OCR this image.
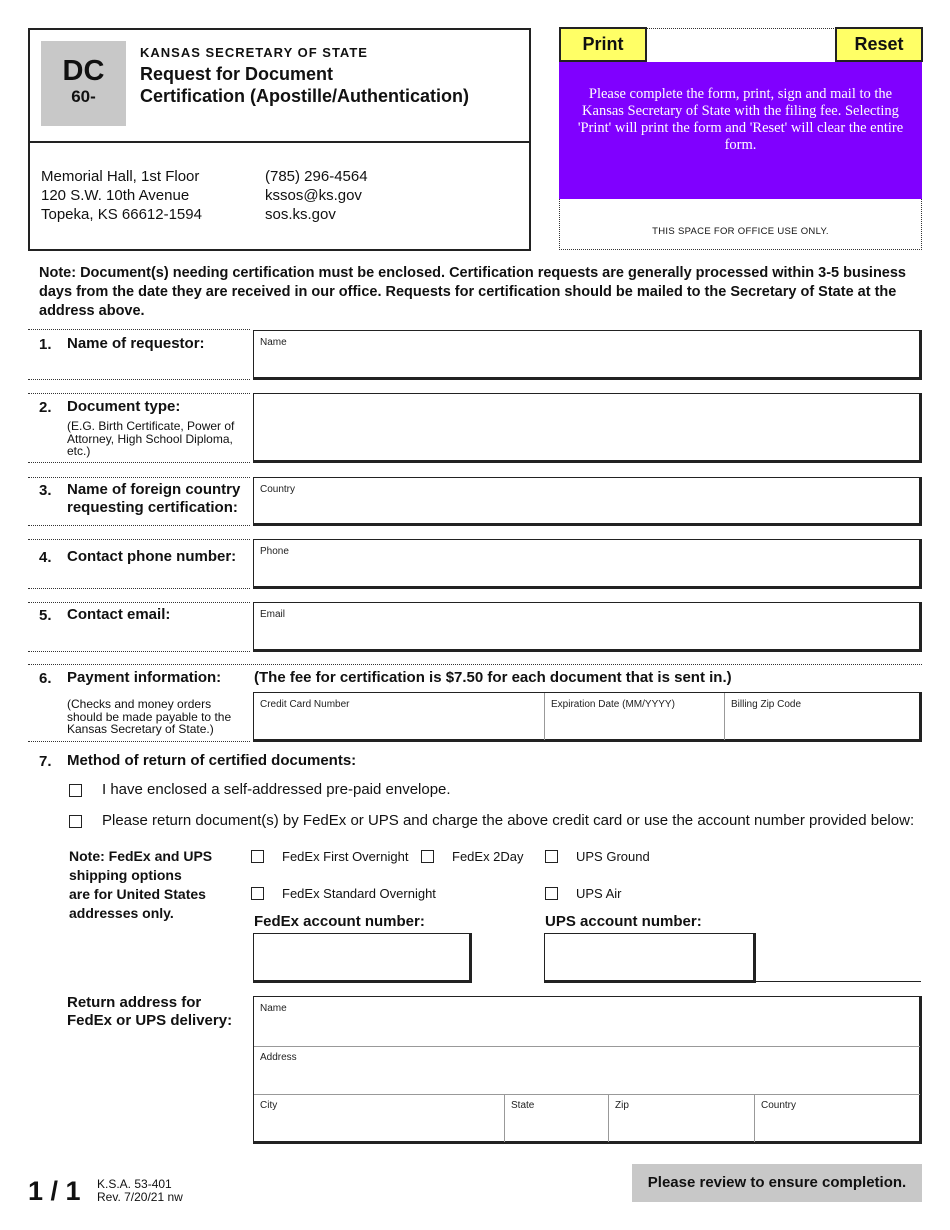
DC
60-
KANSAS SECRETARY OF STATE
Request for Document
Certification (Apostille/Authentication)
Memorial Hall, 1st Floor
120 S.W. 10th Avenue
Topeka, KS 66612-1594
(785) 296-4564
kssos@ks.gov
sos.ks.gov
Print	Reset
Please complete the form, print, sign and mail to the Kansas Secretary of State with the filing fee. Selecting 'Print' will print the form and 'Reset' will clear the entire form.
THIS SPACE FOR OFFICE USE ONLY.
Note: Document(s) needing certification must be enclosed. Certification requests are generally processed within 3-5 business days from the date they are received in our office. Requests for certification should be mailed to the Secretary of State at the address above.
1. Name of requestor:	Name
2. Document type:
(E.G. Birth Certificate, Power of Attorney, High School Diploma, etc.)
3. Name of foreign country
requesting certification:
Country
4. Contact phone number: Phone
5. Contact email:	Email
6. Payment information: (The fee for certification is $7.50 for each document that is sent in.)
(Checks and money orders should be made payable to the Kansas Secretary of State.)
Credit Card Number	Expiration Date (MM/YYYY)	Billing Zip Code
7. Method of return of certified documents:
I have enclosed a self-addressed pre-paid envelope.
Please return document(s) by FedEx or UPS and charge the above credit card or use the account number provided below:
Note: FedEx and UPS
shipping options
are for United States
addresses only.
FedEx First Overnight	FedEx 2Day	UPS Ground
FedEx Standard Overnight	UPS Air
FedEx account number:	UPS account number:
Return address for
FedEx or UPS delivery:
Name
Address
City	State	Zip	Country
1 / 1 K.S.A. 53-401
Rev. 7/20/21 nw
Please review to ensure completion.
